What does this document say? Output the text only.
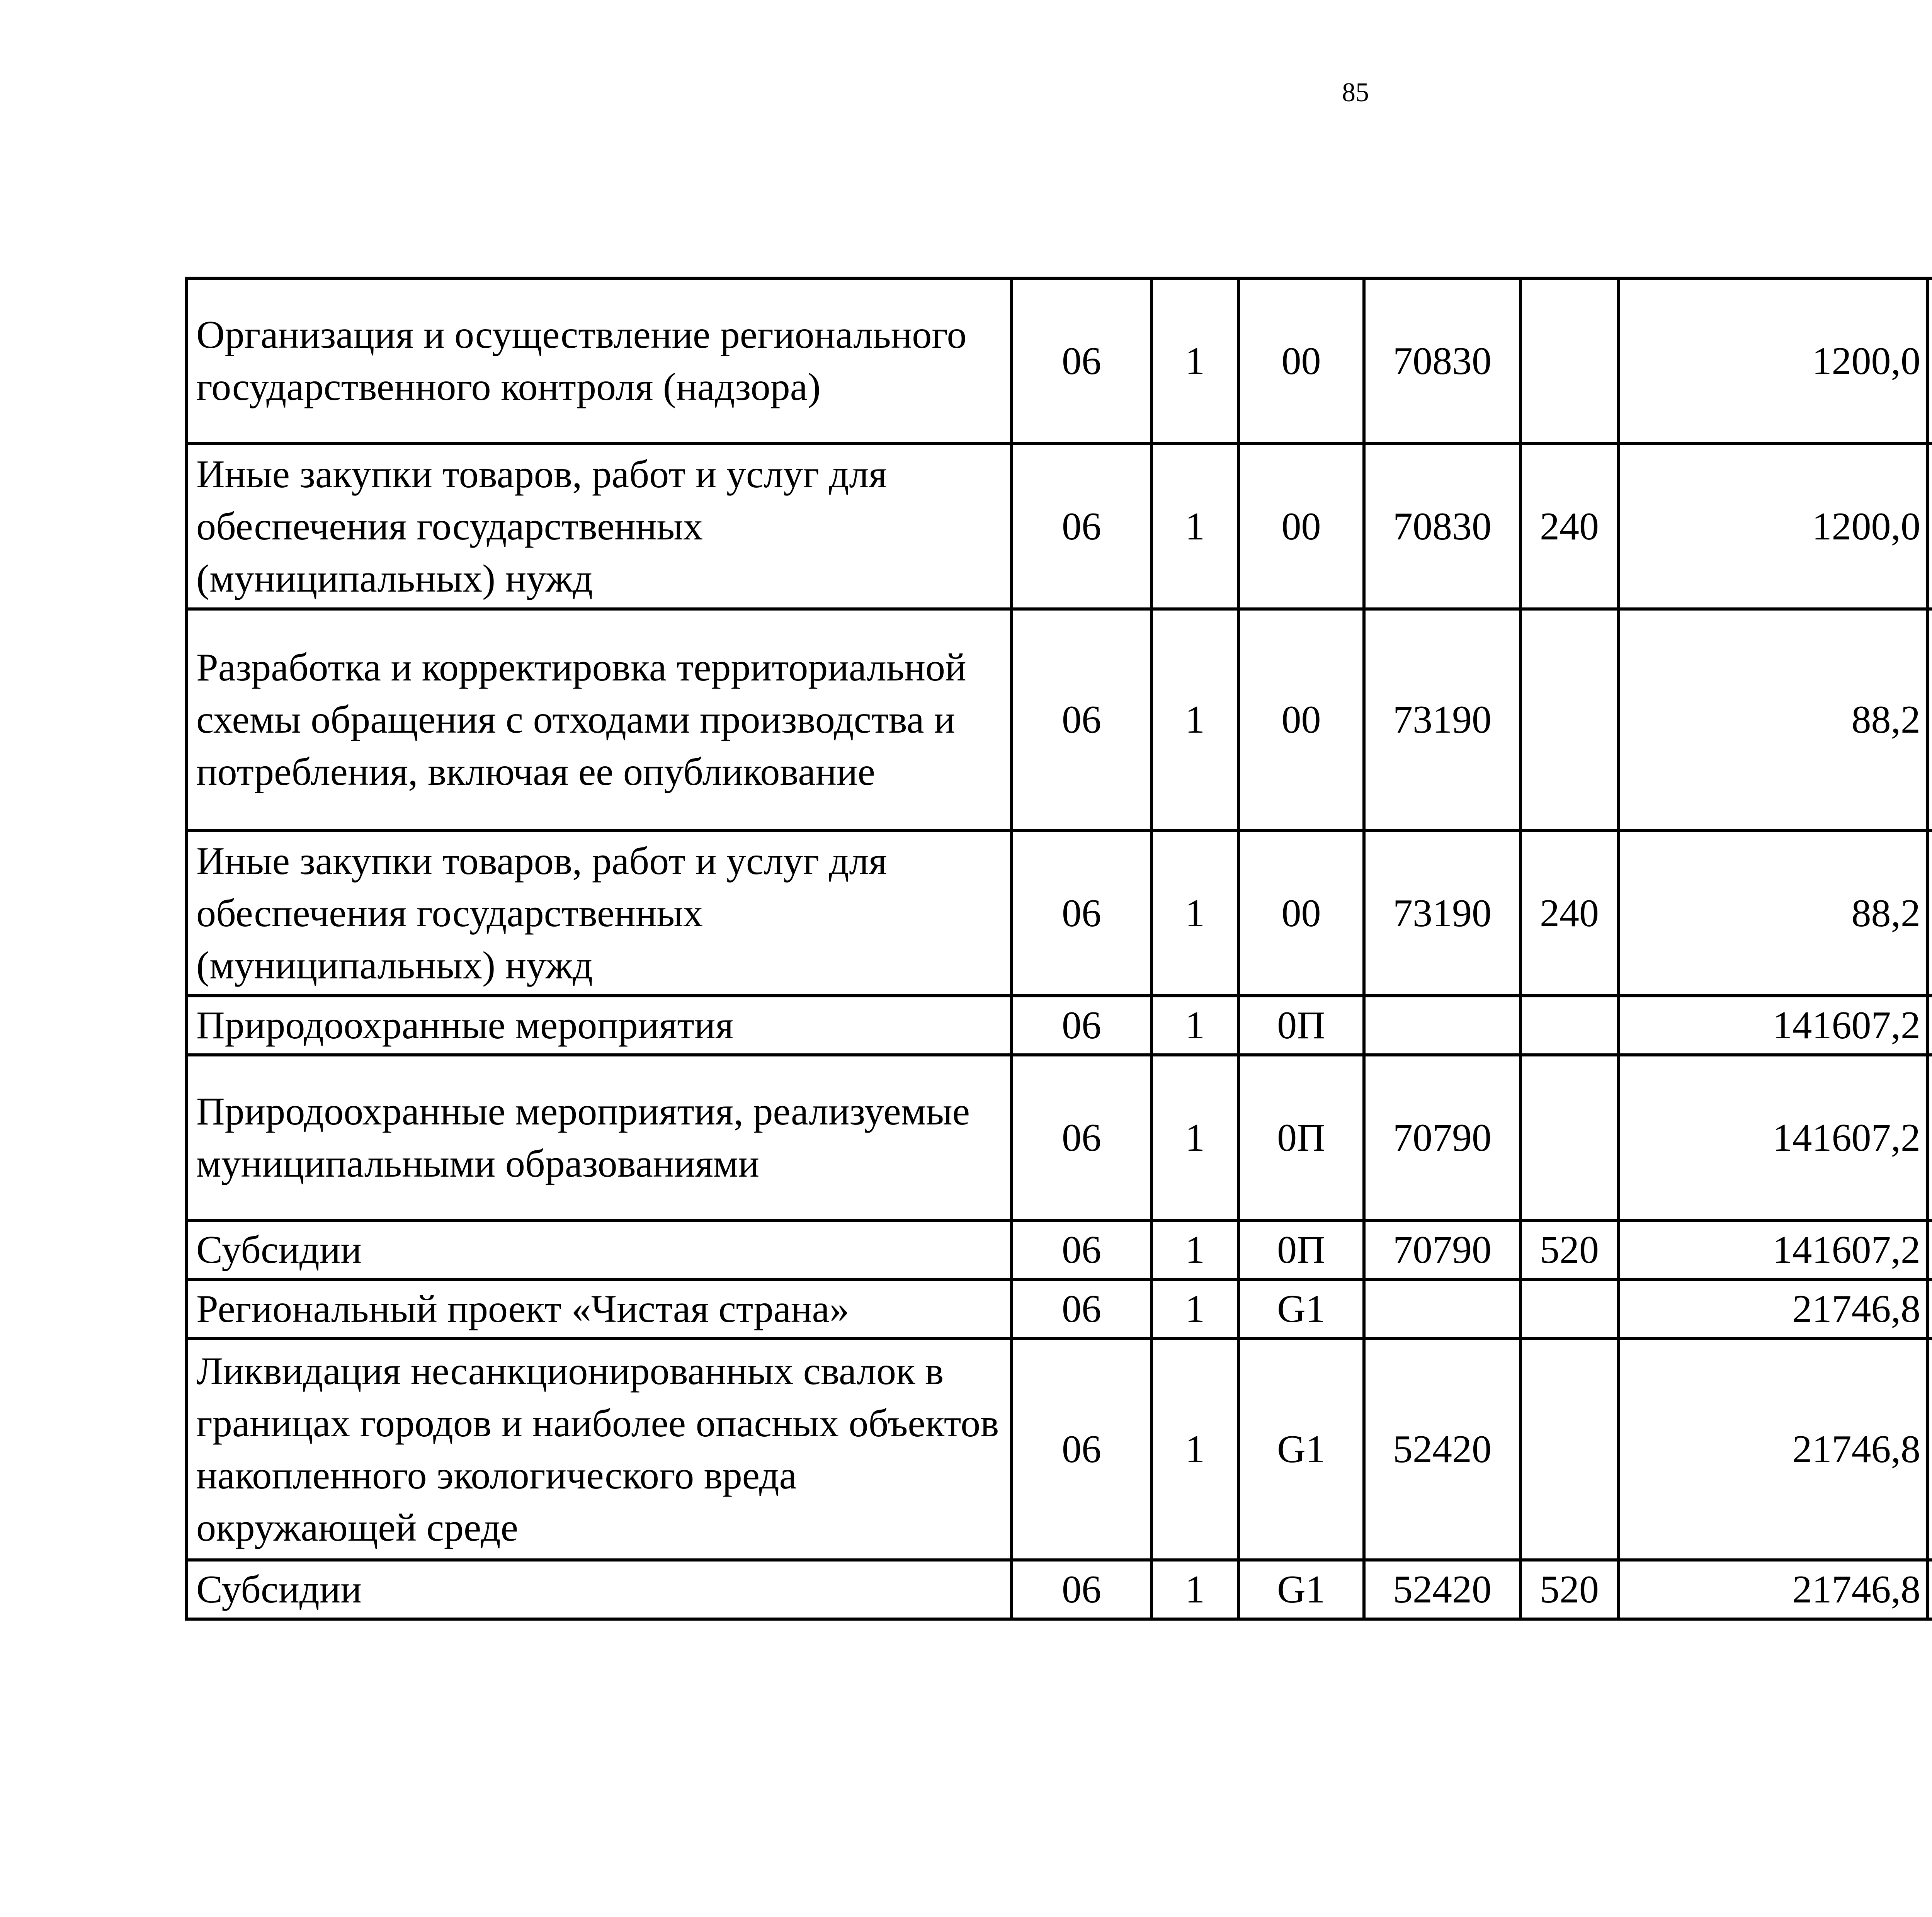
85
Организация и осуществление регионального государственного контроля (надзора)	06	1	00	70830		1200,0		
Иные закупки товаров, работ и услуг для обеспечения государственных (муниципальных) нужд	06	1	00	70830	240	1200,0		
Разработка и корректировка территориальной схемы обращения с отходами производства и потребления, включая ее опубликование	06	1	00	73190		88,2		
Иные закупки товаров, работ и услуг для обеспечения государственных (муниципальных) нужд	06	1	00	73190	240	88,2		
Природоохранные мероприятия	06	1	0П			141607,2		
Природоохранные мероприятия, реализуемые муниципальными образованиями	06	1	0П	70790		141607,2		
Субсидии	06	1	0П	70790	520	141607,2		
Региональный проект «Чистая страна»	06	1	G1			21746,8		
Ликвидация несанкционированных свалок в границах городов и наиболее опасных объектов накопленного экологического вреда окружающей среде	06	1	G1	52420		21746,8		
Субсидии	06	1	G1	52420	520	21746,8		
